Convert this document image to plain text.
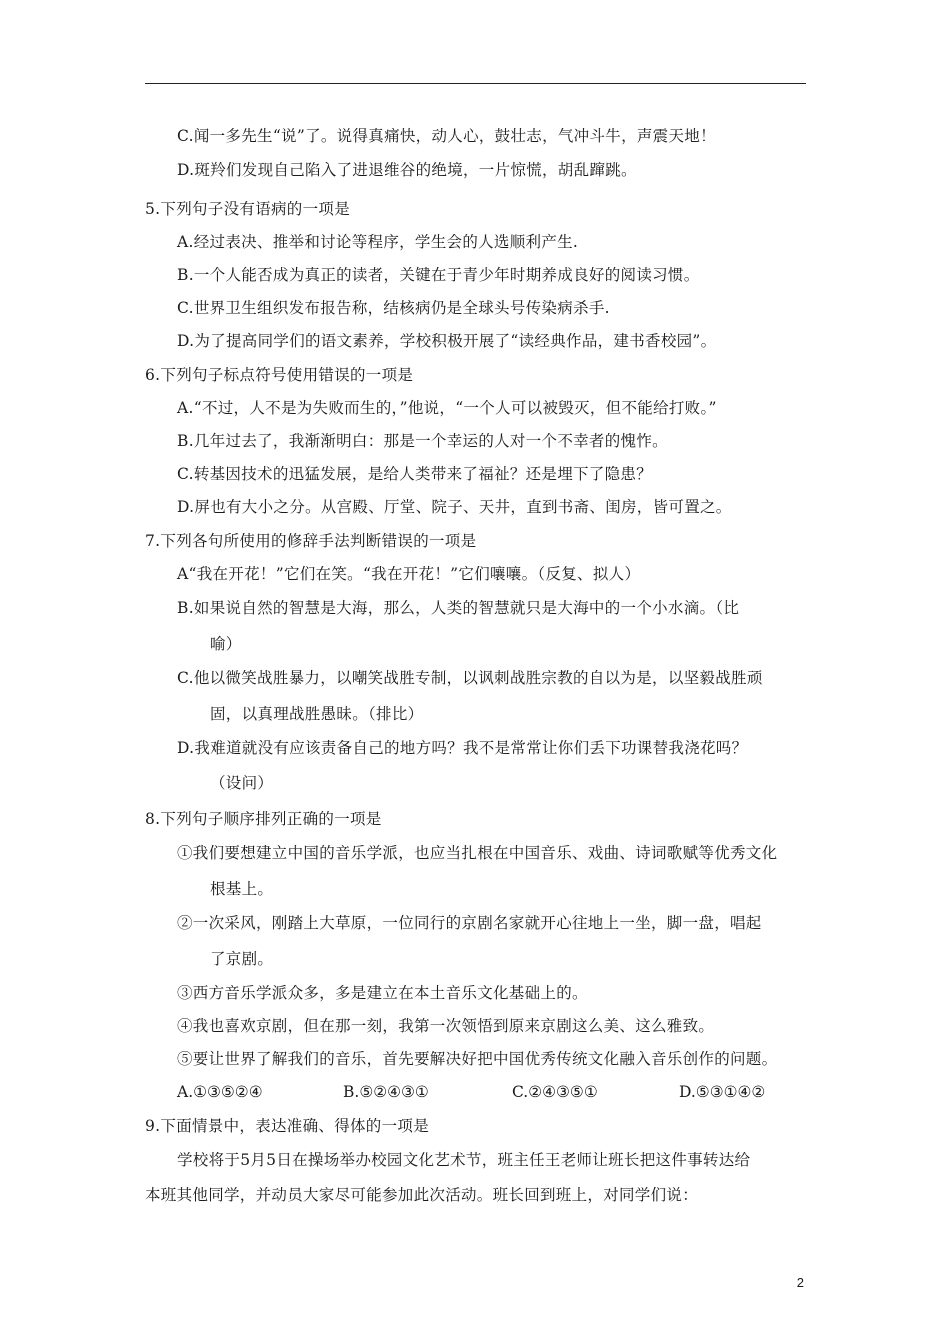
C.闻一多先生“说”了。说得真痛快，动人心，鼓壮志，气冲斗牛，声震天地！
D.斑羚们发现自己陷入了进退维谷的绝境，一片惊慌，胡乱蹿跳。
5.下列句子没有语病的一项是
A.经过表决、推举和讨论等程序，学生会的人选顺利产生.
B.一个人能否成为真正的读者，关键在于青少年时期养成良好的阅读习惯。
C.世界卫生组织发布报告称，结核病仍是全球头号传染病杀手.
D.为了提高同学们的语文素养，学校积极开展了“读经典作品，建书香校园”。
6.下列句子标点符号使用错误的一项是
A.“不过，人不是为失败而生的，”他说，“一个人可以被毁灭，但不能给打败。”
B.几年过去了，我渐渐明白：那是一个幸运的人对一个不幸者的愧怍。
C.转基因技术的迅猛发展，是给人类带来了福祉？还是埋下了隐患？
D.屏也有大小之分。从宫殿、厅堂、院子、天井，直到书斋、闺房，皆可置之。
7.下列各句所使用的修辞手法判断错误的一项是
A“我在开花！”它们在笑。“我在开花！”它们嚷嚷。（反复、拟人）
B.如果说自然的智慧是大海，那么，人类的智慧就只是大海中的一个小水滴。（比
喻）
C.他以微笑战胜暴力，以嘲笑战胜专制，以讽刺战胜宗教的自以为是，以坚毅战胜顽
固，以真理战胜愚昧。（排比）
D.我难道就没有应该责备自己的地方吗？我不是常常让你们丢下功课替我浇花吗？
（设问）
8.下列句子顺序排列正确的一项是
①我们要想建立中国的音乐学派，也应当扎根在中国音乐、戏曲、诗词歌赋等优秀文化
根基上。
②一次采风，刚踏上大草原，一位同行的京剧名家就开心往地上一坐，脚一盘，唱起
了京剧。
③西方音乐学派众多，多是建立在本土音乐文化基础上的。
④我也喜欢京剧，但在那一刻，我第一次领悟到原来京剧这么美、这么雅致。
⑤要让世界了解我们的音乐，首先要解决好把中国优秀传统文化融入音乐创作的问题。
A.①③⑤②④	B.⑤②④③①	C.②④③⑤①	D.⑤③①④②
9.下面情景中，表达准确、得体的一项是
学校将于5月5日在操场举办校园文化艺术节，班主任王老师让班长把这件事转达给
本班其他同学，并动员大家尽可能参加此次活动。班长回到班上，对同学们说：
2
